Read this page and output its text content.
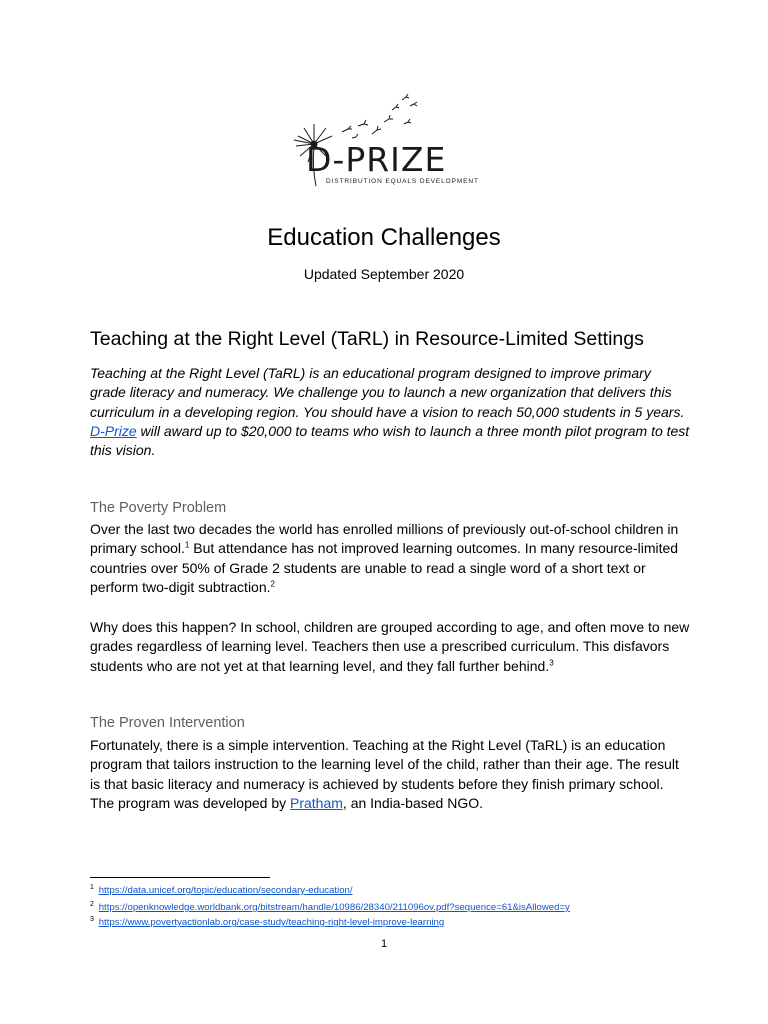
D-PRIZE
DISTRIBUTION EQUALS DEVELOPMENT
Education Challenges

Updated September 2020

Teaching at the Right Level (TaRL) in Resource-Limited Settings

Teaching at the Right Level (TaRL) is an educational program designed to improve primary grade literacy and numeracy. We challenge you to launch a new organization that delivers this curriculum in a developing region. You should have a vision to reach 50,000 students in 5 years.
D-Prize will award up to $20,000 to teams who wish to launch a three month pilot program to test this vision.

The Poverty Problem

Over the last two decades the world has enrolled millions of previously out-of-school children in primary school.$^1$ But attendance has not improved learning outcomes. In many resource-limited countries over 50% of Grade 2 students are unable to read a single word of a short text or perform two-digit subtraction.$^2$

Why does this happen? In school, children are grouped according to age, and often move to new grades regardless of learning level. Teachers then use a prescribed curriculum. This disfavors students who are not yet at that learning level, and they fall further behind.$^3$

The Proven Intervention

Fortunately, there is a simple intervention. Teaching at the Right Level (TaRL) is an education program that tailors instruction to the learning level of the child, rather than their age. The result is that basic literacy and numeracy is achieved by students before they finish primary school. The program was developed by Pratham, an India-based NGO.

$^1$ https://data.unicef.org/topic/education/secondary-education/
$^2$ https://openknowledge.worldbank.org/bitstream/handle/10986/28340/211096ov.pdf?sequence=61&isAllowed=y
$^3$ https://www.povertyactionlab.org/case-study/teaching-right-level-improve-learning
1
